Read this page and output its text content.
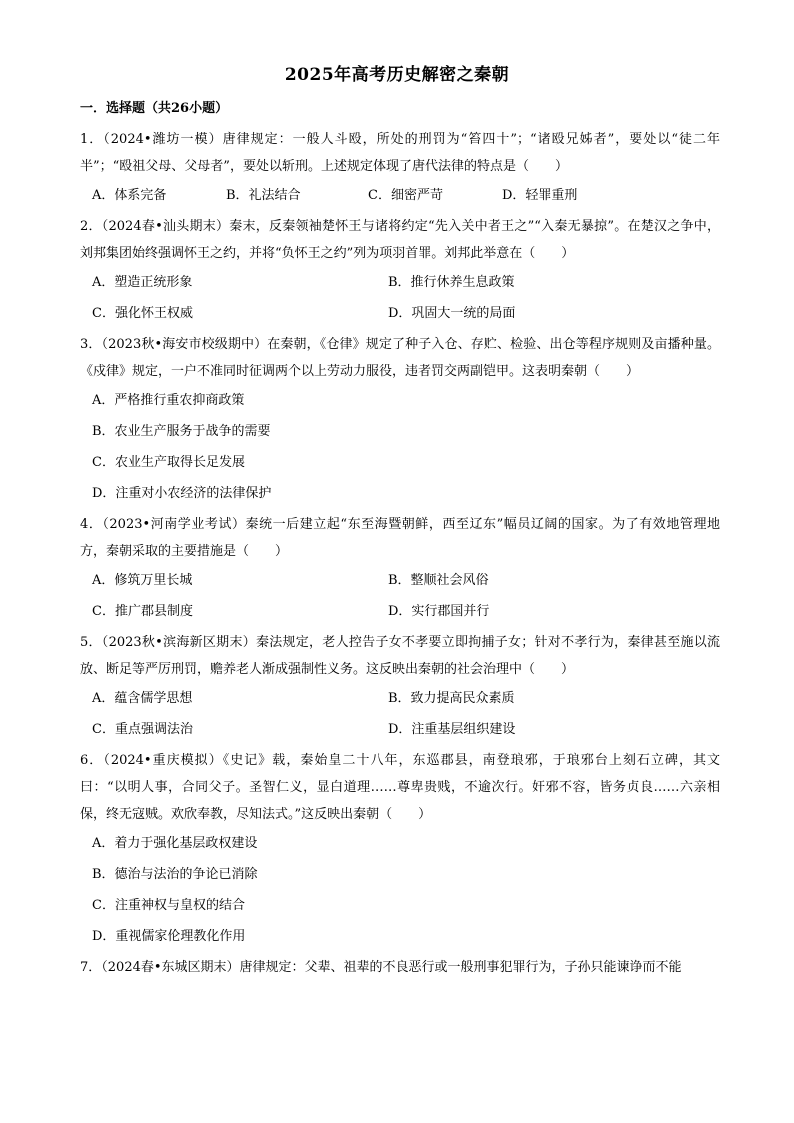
2025年高考历史解密之秦朝
一．选择题（共26小题）

1．（2024•潍坊一模）唐律规定：一般人斗殴，所处的刑罚为“笞四十”；“诸殴兄姊者”，要处以“徒二年半”；“殴祖父母、父母者”，要处以斩刑。上述规定体现了唐代法律的特点是（　　）

A．体系完备	B．礼法结合	C．细密严苛	D．轻罪重刑

2．（2024春•汕头期末）秦末，反秦领袖楚怀王与诸将约定“先入关中者王之”“入秦无暴掠”。在楚汉之争中，刘邦集团始终强调怀王之约，并将“负怀王之约”列为项羽首罪。刘邦此举意在（　　）

A．塑造正统形象	B．推行休养生息政策
C．强化怀王权威	D．巩固大一统的局面

3．（2023秋•海安市校级期中）在秦朝，《仓律》规定了种子入仓、存贮、检验、出仓等程序规则及亩播种量。《戍律》规定，一户不准同时征调两个以上劳动力服役，违者罚交两副铠甲。这表明秦朝（　　）

A．严格推行重农抑商政策
B．农业生产服务于战争的需要
C．农业生产取得长足发展
D．注重对小农经济的法律保护

4．（2023•河南学业考试）秦统一后建立起“东至海暨朝鲜，西至辽东”幅员辽阔的国家。为了有效地管理地方，秦朝采取的主要措施是（　　）

A．修筑万里长城	B．整顺社会风俗
C．推广郡县制度	D．实行郡国并行

5．（2023秋•滨海新区期末）秦法规定，老人控告子女不孝要立即拘捕子女；针对不孝行为，秦律甚至施以流放、断足等严厉刑罚，赡养老人渐成强制性义务。这反映出秦朝的社会治理中（　　）

A．蕴含儒学思想	B．致力提高民众素质
C．重点强调法治	D．注重基层组织建设

6．（2024•重庆模拟）《史记》载，秦始皇二十八年，东巡郡县，南登琅邪，于琅邪台上刻石立碑，其文曰：“以明人事，合同父子。圣智仁义，显白道理……尊卑贵贱，不逾次行。奸邪不容，皆务贞良……六亲相保，终无寇贼。欢欣奉教，尽知法式。”这反映出秦朝（　　）

A．着力于强化基层政权建设
B．德治与法治的争论已消除
C．注重神权与皇权的结合
D．重视儒家伦理教化作用

7．（2024春•东城区期末）唐律规定：父辈、祖辈的不良恶行或一般刑事犯罪行为，子孙只能谏诤而不能
